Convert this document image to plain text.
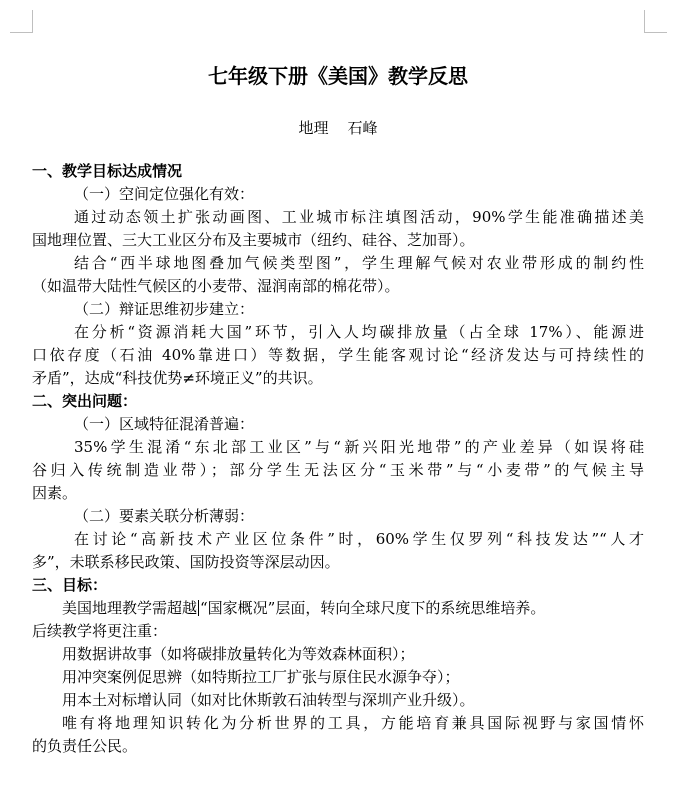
七年级下册《美国》教学反思
地理    石峰
一、教学目标达成情况
（一）空间定位强化有效：
通过动态领土扩张动画图、工业城市标注填图活动，90%学生能准确描述美
国地理位置、三大工业区分布及主要城市（纽约、硅谷、芝加哥）。
结合“西半球地图叠加气候类型图”，学生理解气候对农业带形成的制约性
（如温带大陆性气候区的小麦带、湿润南部的棉花带）。
（二）辩证思维初步建立：
在分析“资源消耗大国”环节，引入人均碳排放量（占全球 17%）、能源进
口依存度（石油 40%靠进口）等数据，学生能客观讨论“经济发达与可持续性的
矛盾”，达成“科技优势≠环境正义”的共识。
二、突出问题：
（一）区域特征混淆普遍：
35%学生混淆“东北部工业区”与“新兴阳光地带”的产业差异（如误将硅
谷归入传统制造业带）；部分学生无法区分“玉米带”与“小麦带”的气候主导
因素。
（二）要素关联分析薄弱：
在讨论“高新技术产业区位条件”时，60%学生仅罗列“科技发达”“人才
多”，未联系移民政策、国防投资等深层动因。
三、目标：
美国地理教学需超越 “国家概况”层面，转向全球尺度下的系统思维培养。
后续教学将更注重：
用数据讲故事（如将碳排放量转化为等效森林面积）；
用冲突案例促思辨（如特斯拉工厂扩张与原住民水源争夺）；
用本土对标增认同（如对比休斯敦石油转型与深圳产业升级）。
唯有将地理知识转化为分析世界的工具，方能培育兼具国际视野与家国情怀
的负责任公民。
